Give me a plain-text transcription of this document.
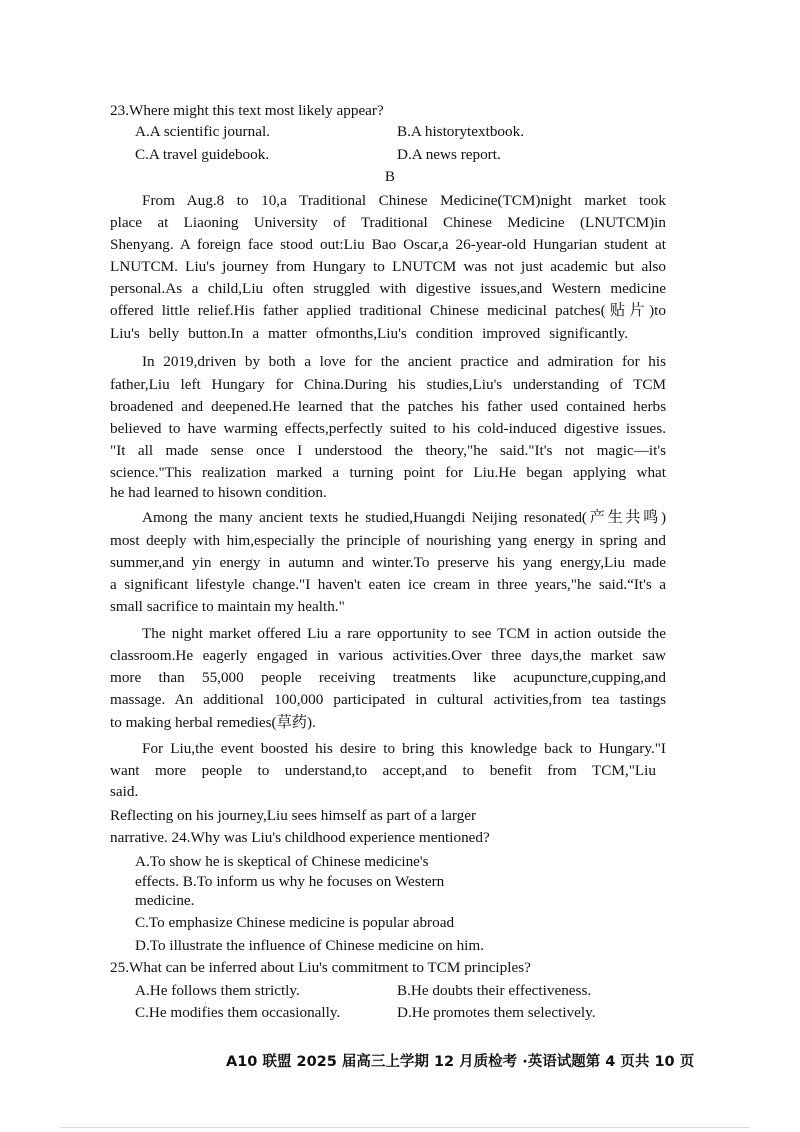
23.Where might this text most likely appear?
A.A scientific journal.	B.A historytextbook.
C.A travel guidebook.	D.A news report.
B
From Aug.8 to 10,a Traditional Chinese Medicine(TCM)night market took
place at Liaoning University of Traditional Chinese Medicine (LNUTCM)in
Shenyang. A foreign face stood out:Liu Bao Oscar,a 26-year-old Hungarian student at
LNUTCM. Liu's journey from Hungary to LNUTCM was not just academic but also
personal.As a child,Liu often struggled with digestive issues,and Western medicine
offered little relief.His father applied traditional Chinese medicinal patches(贴片)to
Liu's belly button.In a matter ofmonths,Liu's condition improved significantly.
In 2019,driven by both a love for the ancient practice and admiration for his
father,Liu left Hungary for China.During his studies,Liu's understanding of TCM
broadened and deepened.He learned that the patches his father used contained herbs
believed to have warming effects,perfectly suited to his cold-induced digestive issues.
"It all made sense once I understood the theory,"he said."It's not magic—it's
science."This realization marked a turning point for Liu.He began applying what
he had learned to hisown condition.
Among the many ancient texts he studied,Huangdi Neijing resonated(产生共鸣)
most deeply with him,especially the principle of nourishing yang energy in spring and
summer,and yin energy in autumn and winter.To preserve his yang energy,Liu made
a significant lifestyle change."I haven't eaten ice cream in three years,"he said.“It's a
small sacrifice to maintain my health."
The night market offered Liu a rare opportunity to see TCM in action outside the
classroom.He eagerly engaged in various activities.Over three days,the market saw
more than 55,000 people receiving treatments like acupuncture,cupping,and
massage. An additional 100,000 participated in cultural activities,from tea tastings
to making herbal remedies(草药).
For Liu,the event boosted his desire to bring this knowledge back to Hungary."I
want more people to understand,to accept,and to benefit from TCM,"Liu
said.
Reflecting on his journey,Liu sees himself as part of a larger
narrative. 24.Why was Liu's childhood experience mentioned?
A.To show he is skeptical of Chinese medicine's
effects. B.To inform us why he focuses on Western
medicine.
C.To emphasize Chinese medicine is popular abroad
D.To illustrate the influence of Chinese medicine on him.
25.What can be inferred about Liu's commitment to TCM principles?
A.He follows them strictly.	B.He doubts their effectiveness.
C.He modifies them occasionally.	D.He promotes them selectively.
A10 联盟 2025 届高三上学期 12 月质检考 ·英语试题第 4 页共 10 页
